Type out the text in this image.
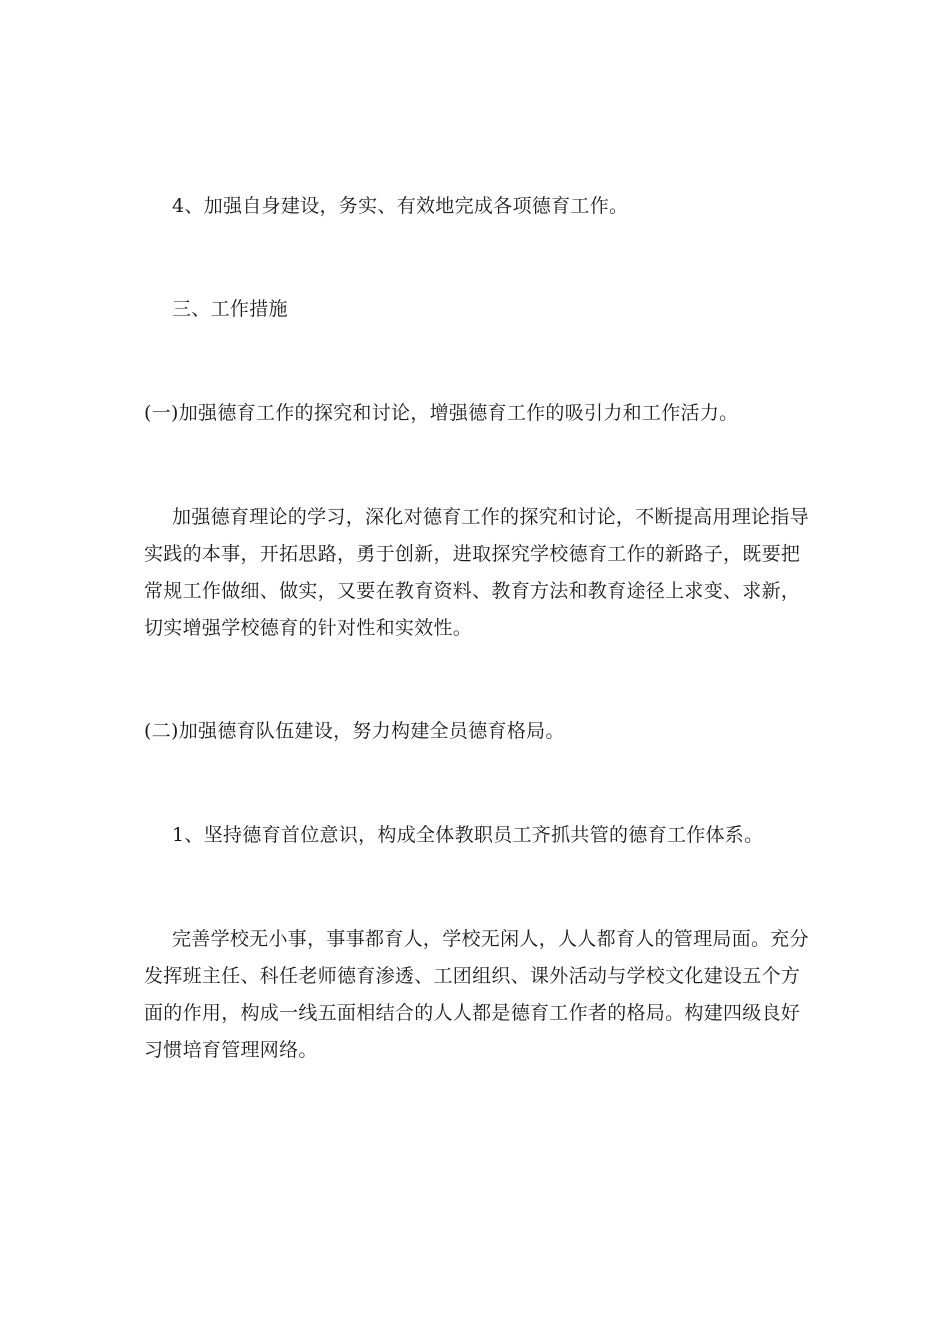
4、加强自身建设，务实、有效地完成各项德育工作。
三、工作措施
(一)加强德育工作的探究和讨论，增强德育工作的吸引力和工作活力。
加强德育理论的学习，深化对德育工作的探究和讨论，不断提高用理论指导
实践的本事，开拓思路，勇于创新，进取探究学校德育工作的新路子，既要把
常规工作做细、做实，又要在教育资料、教育方法和教育途径上求变、求新，
切实增强学校德育的针对性和实效性。
(二)加强德育队伍建设，努力构建全员德育格局。
1、坚持德育首位意识，构成全体教职员工齐抓共管的德育工作体系。
完善学校无小事，事事都育人，学校无闲人，人人都育人的管理局面。充分
发挥班主任、科任老师德育渗透、工团组织、课外活动与学校文化建设五个方
面的作用，构成一线五面相结合的人人都是德育工作者的格局。构建四级良好
习惯培育管理网络。
